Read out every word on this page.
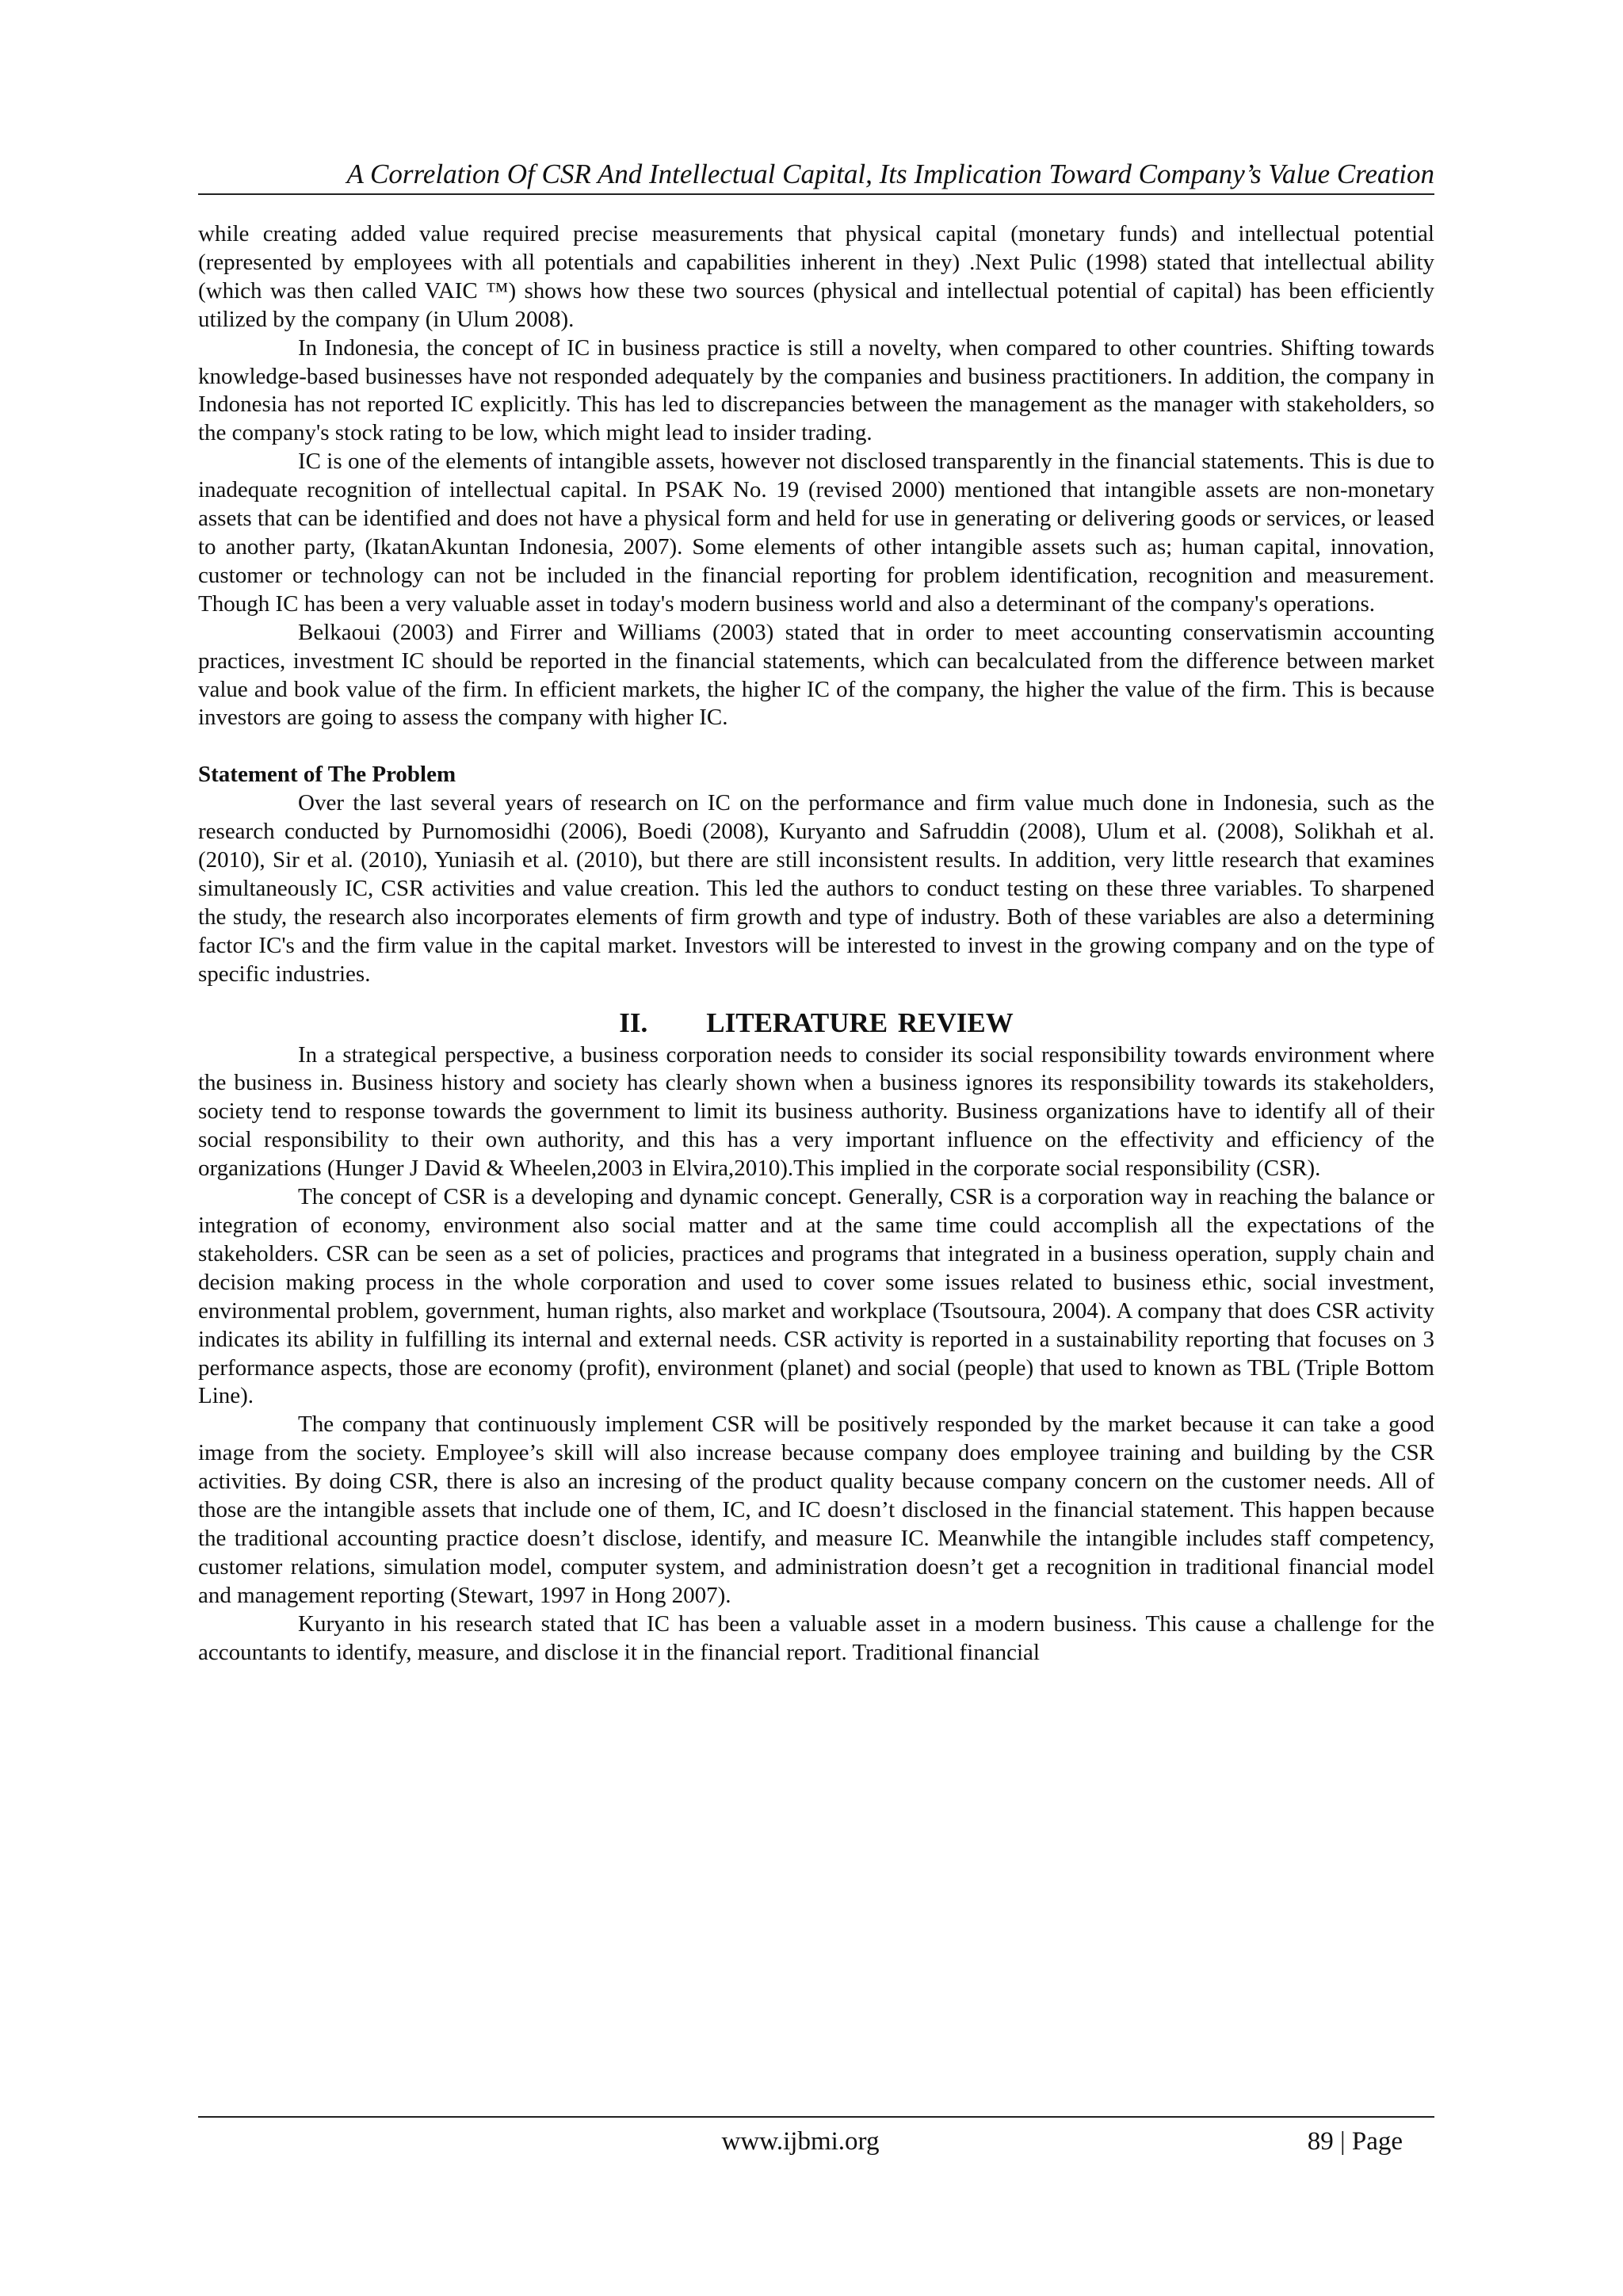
A Correlation Of CSR And Intellectual Capital, Its Implication Toward Company’s Value Creation

while creating added value required precise measurements that physical capital (monetary funds) and intellectual potential (represented by employees with all potentials and capabilities inherent in they) .Next Pulic (1998) stated that intellectual ability (which was then called VAIC ™) shows how these two sources (physical and intellectual potential of capital) has been efficiently utilized by the company (in Ulum 2008).

In Indonesia, the concept of IC in business practice is still a novelty, when compared to other countries. Shifting towards knowledge-based businesses have not responded adequately by the companies and business practitioners. In addition, the company in Indonesia has not reported IC explicitly. This has led to discrepancies between the management as the manager with stakeholders, so the company's stock rating to be low, which might lead to insider trading.

IC is one of the elements of intangible assets, however not disclosed transparently in the financial statements. This is due to inadequate recognition of intellectual capital. In PSAK No. 19 (revised 2000) mentioned that intangible assets are non-monetary assets that can be identified and does not have a physical form and held for use in generating or delivering goods or services, or leased to another party, (IkatanAkuntan Indonesia, 2007). Some elements of other intangible assets such as; human capital, innovation, customer or technology can not be included in the financial reporting for problem identification, recognition and measurement. Though IC has been a very valuable asset in today's modern business world and also a determinant of the company's operations.

Belkaoui (2003) and Firrer and Williams (2003) stated that in order to meet accounting conservatismin accounting practices, investment IC should be reported in the financial statements, which can becalculated from the difference between market value and book value of the firm. In efficient markets, the higher IC of the company, the higher the value of the firm. This is because investors are going to assess the company with higher IC.

Statement of The Problem

Over the last several years of research on IC on the performance and firm value much done in Indonesia, such as the research conducted by Purnomosidhi (2006), Boedi (2008), Kuryanto and Safruddin (2008), Ulum et al. (2008), Solikhah et al. (2010), Sir et al. (2010), Yuniasih et al. (2010), but there are still inconsistent results. In addition, very little research that examines simultaneously IC, CSR activities and value creation. This led the authors to conduct testing on these three variables. To sharpened the study, the research also incorporates elements of firm growth and type of industry. Both of these variables are also a determining factor IC's and the firm value in the capital market. Investors will be interested to invest in the growing company and on the type of specific industries.

II. LITERATURE REVIEW

In a strategical perspective, a business corporation needs to consider its social responsibility towards environment where the business in. Business history and society has clearly shown when a business ignores its responsibility towards its stakeholders, society tend to response towards the government to limit its business authority. Business organizations have to identify all of their social responsibility to their own authority, and this has a very important influence on the effectivity and efficiency of the organizations (Hunger J David & Wheelen,2003 in Elvira,2010).This implied in the corporate social responsibility (CSR).

The concept of CSR is a developing and dynamic concept. Generally, CSR is a corporation way in reaching the balance or integration of economy, environment also social matter and at the same time could accomplish all the expectations of the stakeholders. CSR can be seen as a set of policies, practices and programs that integrated in a business operation, supply chain and decision making process in the whole corporation and used to cover some issues related to business ethic, social investment, environmental problem, government, human rights, also market and workplace (Tsoutsoura, 2004). A company that does CSR activity indicates its ability in fulfilling its internal and external needs. CSR activity is reported in a sustainability reporting that focuses on 3 performance aspects, those are economy (profit), environment (planet) and social (people) that used to known as TBL (Triple Bottom Line).

The company that continuously implement CSR will be positively responded by the market because it can take a good image from the society. Employee’s skill will also increase because company does employee training and building by the CSR activities. By doing CSR, there is also an incresing of the product quality because company concern on the customer needs. All of those are the intangible assets that include one of them, IC, and IC doesn’t disclosed in the financial statement. This happen because the traditional accounting practice doesn’t disclose, identify, and measure IC. Meanwhile the intangible includes staff competency, customer relations, simulation model, computer system, and administration doesn’t get a recognition in traditional financial model and management reporting (Stewart, 1997 in Hong 2007).

Kuryanto in his research stated that IC has been a valuable asset in a modern business. This cause a challenge for the accountants to identify, measure, and disclose it in the financial report. Traditional financial

www.ijbmi.org	89 | Page
